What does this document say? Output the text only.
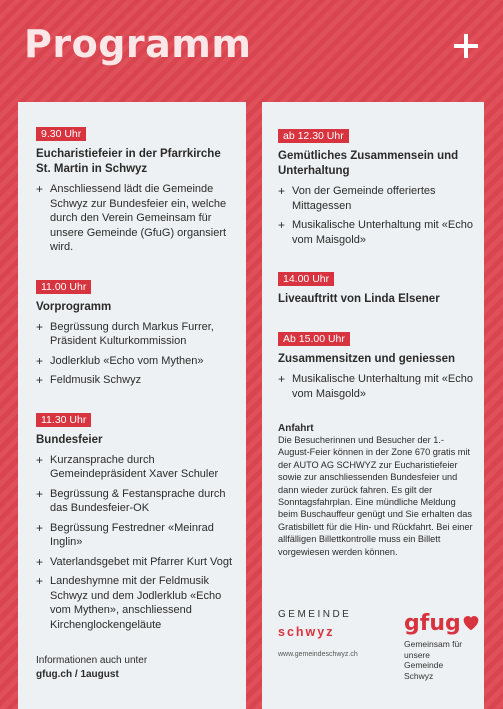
Programm
9.30 Uhr
Eucharistiefeier in der Pfarrkirche St. Martin in Schwyz
+ Anschliessend lädt die Gemeinde Schwyz zur Bundesfeier ein, welche durch den Verein Gemeinsam für unsere Gemeinde (GfuG) organsiert wird.
11.00 Uhr
Vorprogramm
+ Begrüssung durch Markus Furrer, Präsident Kulturkommission
+ Jodlerklub «Echo vom Mythen»
+ Feldmusik Schwyz
11.30 Uhr
Bundesfeier
+ Kurzansprache durch Gemeindepräsident Xaver Schuler
+ Begrüssung & Festansprache durch das Bundesfeier-OK
+ Begrüssung Festredner «Meinrad Inglin»
+ Vaterlandsgebet mit Pfarrer Kurt Vogt
+ Landeshymne mit der Feldmusik Schwyz und dem Jodlerklub «Echo vom Mythen», anschliessend Kirchenglockengeläute
Informationen auch unter
gfug.ch / 1august
ab 12.30 Uhr
Gemütliches Zusammensein und Unterhaltung
+ Von der Gemeinde offeriertes Mittagessen
+ Musikalische Unterhaltung mit «Echo vom Maisgold»
14.00 Uhr
Liveauftritt von Linda Elsener
Ab 15.00 Uhr
Zusammensitzen und geniessen
+ Musikalische Unterhaltung mit «Echo vom Maisgold»
Anfahrt
Die Besucherinnen und Besucher der 1.-August-Feier können in der Zone 670 gratis mit der AUTO AG SCHWYZ zur Eucharistiefeier sowie zur anschliessenden Bundesfeier und dann wieder zurück fahren. Es gilt der Sonntagsfahrplan. Eine mündliche Meldung beim Buschauffeur genügt und Sie erhalten das Gratisbillett für die Hin- und Rückfahrt. Bei einer allfälligen Billettkontrolle muss ein Billett vorgewiesen werden können.
GEMEINDE
schwyz
www.gemeindeschwyz.ch
gfug
Gemeinsam für unsere
Gemeinde Schwyz
